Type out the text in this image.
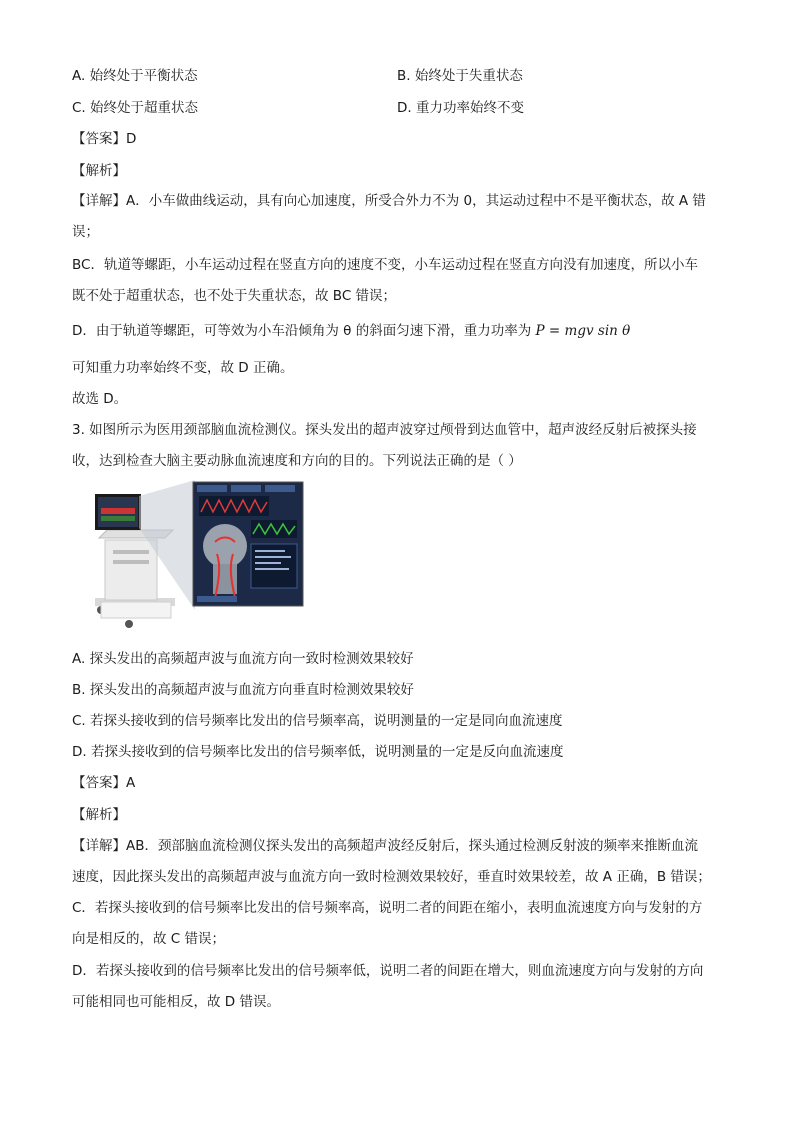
A. 始终处于平衡状态	B. 始终处于失重状态
C. 始终处于超重状态	D. 重力功率始终不变
【答案】D
【解析】
【详解】A．小车做曲线运动，具有向心加速度，所受合外力不为 0，其运动过程中不是平衡状态，故 A 错
误；
BC．轨道等螺距，小车运动过程在竖直方向的速度不变，小车运动过程在竖直方向没有加速度，所以小车
既不处于超重状态，也不处于失重状态，故 BC 错误；
D．由于轨道等螺距，可等效为小车沿倾角为 θ 的斜面匀速下滑，重力功率为 P = mgv sin θ
可知重力功率始终不变，故 D 正确。
故选 D。
3. 如图所示为医用颈部脑血流检测仪。探头发出的超声波穿过颅骨到达血管中，超声波经反射后被探头接
收，达到检查大脑主要动脉血流速度和方向的目的。下列说法正确的是（ ）
A. 探头发出的高频超声波与血流方向一致时检测效果较好
B. 探头发出的高频超声波与血流方向垂直时检测效果较好
C. 若探头接收到的信号频率比发出的信号频率高，说明测量的一定是同向血流速度
D. 若探头接收到的信号频率比发出的信号频率低，说明测量的一定是反向血流速度
【答案】A
【解析】
【详解】AB．颈部脑血流检测仪探头发出的高频超声波经反射后，探头通过检测反射波的频率来推断血流
速度，因此探头发出的高频超声波与血流方向一致时检测效果较好，垂直时效果较差，故 A 正确，B 错误；
C．若探头接收到的信号频率比发出的信号频率高，说明二者的间距在缩小，表明血流速度方向与发射的方
向是相反的，故 C 错误；
D．若探头接收到的信号频率比发出的信号频率低，说明二者的间距在增大，则血流速度方向与发射的方向
可能相同也可能相反，故 D 错误。
